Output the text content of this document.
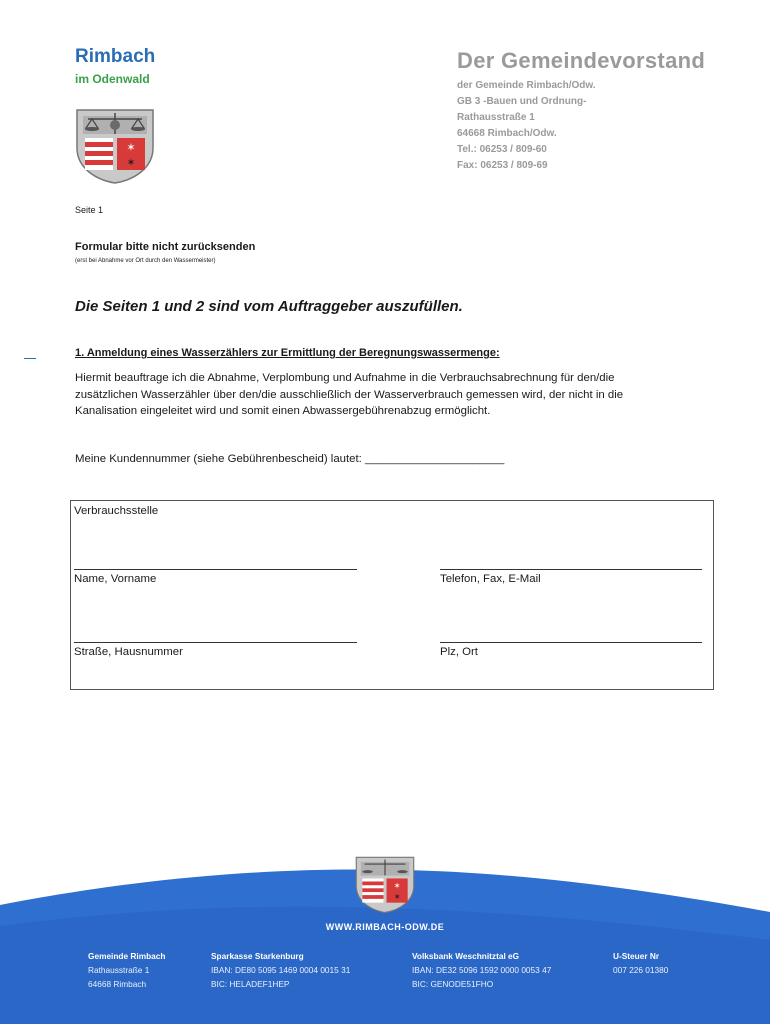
Rimbach
im Odenwald
✶
✶
Der Gemeindevorstand
der Gemeinde Rimbach/Odw.
GB 3 -Bauen und Ordnung-
Rathausstraße 1
64668 Rimbach/Odw.
Tel.: 06253 / 809-60
Fax: 06253 / 809-69
Seite 1
Formular bitte nicht zurücksenden
(erst bei Abnahme vor Ort durch den Wassermeister)
Die Seiten 1 und 2 sind vom Auftraggeber auszufüllen.
1. Anmeldung eines Wasserzählers zur Ermittlung der Beregnungswassermenge:
Hiermit beauftrage ich die Abnahme, Verplombung und Aufnahme in die Verbrauchsabrechnung für den/die
zusätzlichen Wasserzähler über den/die ausschließlich der Wasserverbrauch gemessen wird, der nicht in die
Kanalisation eingeleitet wird und somit einen Abwassergebührenabzug ermöglicht.
Meine Kundennummer (siehe Gebührenbescheid) lautet: ______________________
Verbrauchsstelle
Name, Vorname	Telefon, Fax, E-Mail
Straße, Hausnummer	Plz, Ort
✶
✶
WWW.RIMBACH-ODW.DE
Gemeinde Rimbach
Rathausstraße 1
64668 Rimbach
Sparkasse Starkenburg
IBAN: DE80 5095 1469 0004 0015 31
BIC: HELADEF1HEP
Volksbank Weschnitztal eG
IBAN: DE32 5096 1592 0000 0053 47
BIC: GENODE51FHO
U-Steuer Nr
007 226 01380
